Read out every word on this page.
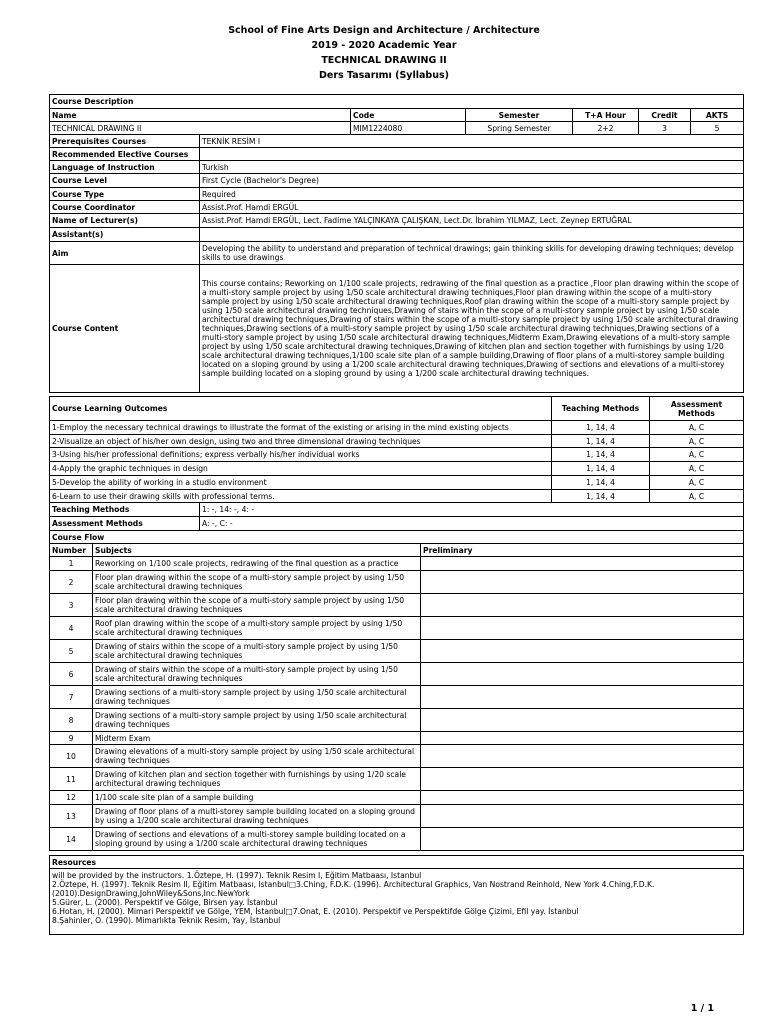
School of Fine Arts Design and Architecture / Architecture
2019 - 2020 Academic Year
TECHNICAL DRAWING II
Ders Tasarımı (Syllabus)
Course Description						
Name		Code	Semester	T+A Hour	Credit	AKTS
TECHNICAL DRAWING II		MIM1224080	Spring Semester	2+2	3	5
Prerequisites Courses	TEKNİK RESİM I					
Recommended Elective Courses						
Language of Instruction	Turkish					
Course Level	First Cycle (Bachelor's Degree)					
Course Type	Required					
Course Coordinator	Assist.Prof. Hamdi ERGÜL					
Name of Lecturer(s)	Assist.Prof. Hamdi ERGÜL, Lect. Fadime YALÇINKAYA ÇALIŞKAN, Lect.Dr. İbrahim YILMAZ, Lect. Zeynep ERTUĞRAL					
Assistant(s)						
Aim	Developing the ability to understand and preparation of technical drawings; gain thinking skills for developing drawing techniques; develop skills to use drawings					
Course Content	This course contains; Reworking on 1/100 scale projects, redrawing of the final question as a practice ,Floor plan drawing within the scope of a multi-story sample project by using 1/50 scale architectural drawing techniques,Floor plan drawing within the scope of a multi-story sample project by using 1/50 scale architectural drawing techniques,Roof plan drawing within the scope of a multi-story sample project by using 1/50 scale architectural drawing techniques,Drawing of stairs within the scope of a multi-story sample project by using 1/50 scale architectural drawing techniques,Drawing of stairs within the scope of a multi-story sample project by using 1/50 scale architectural drawing techniques,Drawing sections of a multi-story sample project by using 1/50 scale architectural drawing techniques,Drawing sections of a multi-story sample project by using 1/50 scale architectural drawing techniques,Midterm Exam,Drawing elevations of a multi-story sample project by using 1/50 scale architectural drawing techniques,Drawing of kitchen plan and section together with furnishings by using 1/20 scale architectural drawing techniques,1/100 scale site plan of a sample building,Drawing of floor plans of a multi-storey sample building located on a sloping ground by using a 1/200 scale architectural drawing techniques,Drawing of sections and elevations of a multi-storey sample building located on a sloping ground by using a 1/200 scale architectural drawing techniques.					
Course Learning Outcomes	Teaching Methods	Assessment Methods
1-Employ the necessary technical drawings to illustrate the format of the existing or arising in the mind existing objects	1, 14, 4	A, C
2-Visualize an object of his/her own design, using two and three dimensional drawing techniques	1, 14, 4	A, C
3-Using his/her professional definitions; express verbally his/her individual works	1, 14, 4	A, C
4-Apply the graphic techniques in design	1, 14, 4	A, C
5-Develop the ability of working in a studio environment	1, 14, 4	A, C
6-Learn to use their drawing skills with professional terms.	1, 14, 4	A, C
Teaching Methods	1: -, 14: -, 4: -
Assessment Methods	A: -, C: -
Course Flow		
Number	Subjects	Preliminary
1	Reworking on 1/100 scale projects, redrawing of the final question as a practice	
2	Floor plan drawing within the scope of a multi-story sample project by using 1/50 scale architectural drawing techniques	
3	Floor plan drawing within the scope of a multi-story sample project by using 1/50 scale architectural drawing techniques	
4	Roof plan drawing within the scope of a multi-story sample project by using 1/50 scale architectural drawing techniques	
5	Drawing of stairs within the scope of a multi-story sample project by using 1/50 scale architectural drawing techniques	
6	Drawing of stairs within the scope of a multi-story sample project by using 1/50 scale architectural drawing techniques	
7	Drawing sections of a multi-story sample project by using 1/50 scale architectural drawing techniques	
8	Drawing sections of a multi-story sample project by using 1/50 scale architectural drawing techniques	
9	Midterm Exam	
10	Drawing elevations of a multi-story sample project by using 1/50 scale architectural drawing techniques	
11	Drawing of kitchen plan and section together with furnishings by using 1/20 scale architectural drawing techniques	
12	1/100 scale site plan of a sample building	
13	Drawing of floor plans of a multi-storey sample building located on a sloping ground by using a 1/200 scale architectural drawing techniques	
14	Drawing of sections and elevations of a multi-storey sample building located on a sloping ground by using a 1/200 scale architectural drawing techniques	
Resources

will be provided by the instructors. 1.Öztepe, H. (1997). Teknik Resim I, Eğitim Matbaası, Istanbul
2.Öztepe, H. (1997). Teknik Resim II, Eğitim Matbaası, Istanbul□3.Ching, F.D.K. (1996). Architectural Graphics, Van Nostrand Reinhold, New York 4.Ching,F.D.K. (2010).DesignDrawing,JohnWiley&Sons,Inc.NewYork
5.Gürer, L. (2000). Perspektif ve Gölge, Birsen yay. İstanbul
6.Hotan, H. (2000). Mimari Perspektif ve Gölge, YEM, İstanbul□7.Onat, E. (2010). Perspektif ve Perspektifde Gölge Çizimi, Efil yay. İstanbul
8.Şahinler, O. (1990). Mimarlıkta Teknik Resim, Yay, İstanbul
1 / 1
